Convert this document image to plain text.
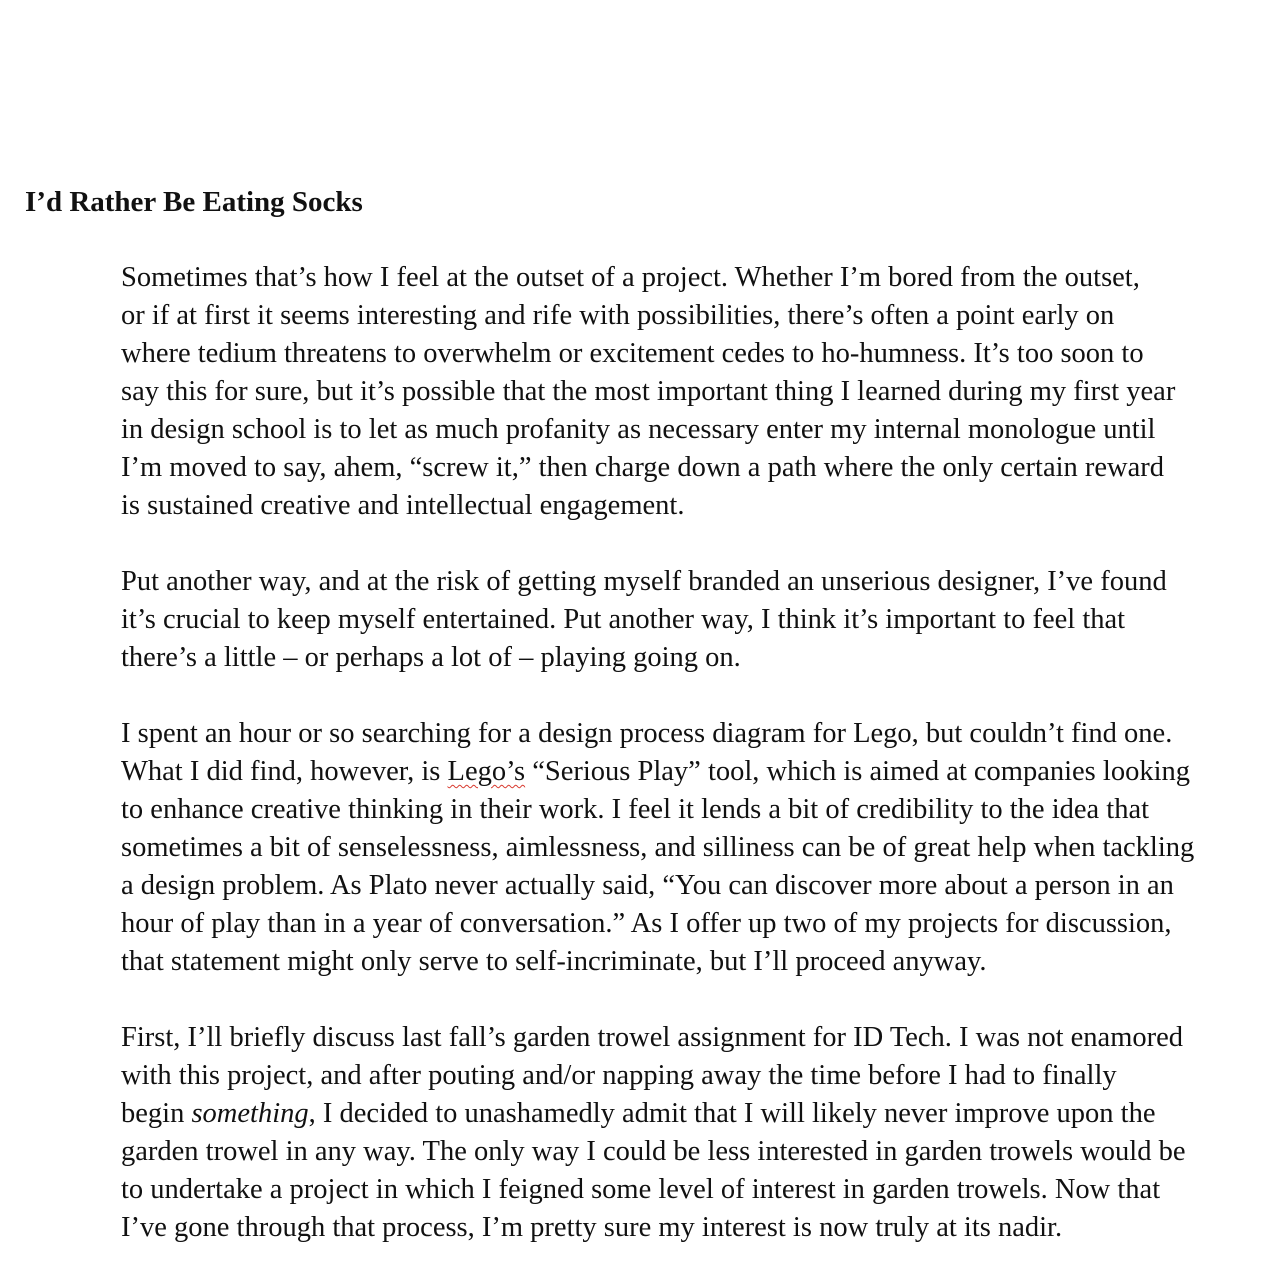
I’d Rather Be Eating Socks

Sometimes that’s how I feel at the outset of a project. Whether I’m bored from the outset,
or if at first it seems interesting and rife with possibilities, there’s often a point early on
where tedium threatens to overwhelm or excitement cedes to ho-humness. It’s too soon to
say this for sure, but it’s possible that the most important thing I learned during my first year
in design school is to let as much profanity as necessary enter my internal monologue until
I’m moved to say, ahem, “screw it,” then charge down a path where the only certain reward
is sustained creative and intellectual engagement.

Put another way, and at the risk of getting myself branded an unserious designer, I’ve found
it’s crucial to keep myself entertained. Put another way, I think it’s important to feel that
there’s a little – or perhaps a lot of – playing going on.

I spent an hour or so searching for a design process diagram for Lego, but couldn’t find one.
What I did find, however, is Lego’s “Serious Play” tool, which is aimed at companies looking
to enhance creative thinking in their work. I feel it lends a bit of credibility to the idea that
sometimes a bit of senselessness, aimlessness, and silliness can be of great help when tackling
a design problem. As Plato never actually said, “You can discover more about a person in an
hour of play than in a year of conversation.” As I offer up two of my projects for discussion,
that statement might only serve to self-incriminate, but I’ll proceed anyway.

First, I’ll briefly discuss last fall’s garden trowel assignment for ID Tech. I was not enamored
with this project, and after pouting and/or napping away the time before I had to finally
begin something, I decided to unashamedly admit that I will likely never improve upon the
garden trowel in any way. The only way I could be less interested in garden trowels would be
to undertake a project in which I feigned some level of interest in garden trowels. Now that
I’ve gone through that process, I’m pretty sure my interest is now truly at its nadir.
